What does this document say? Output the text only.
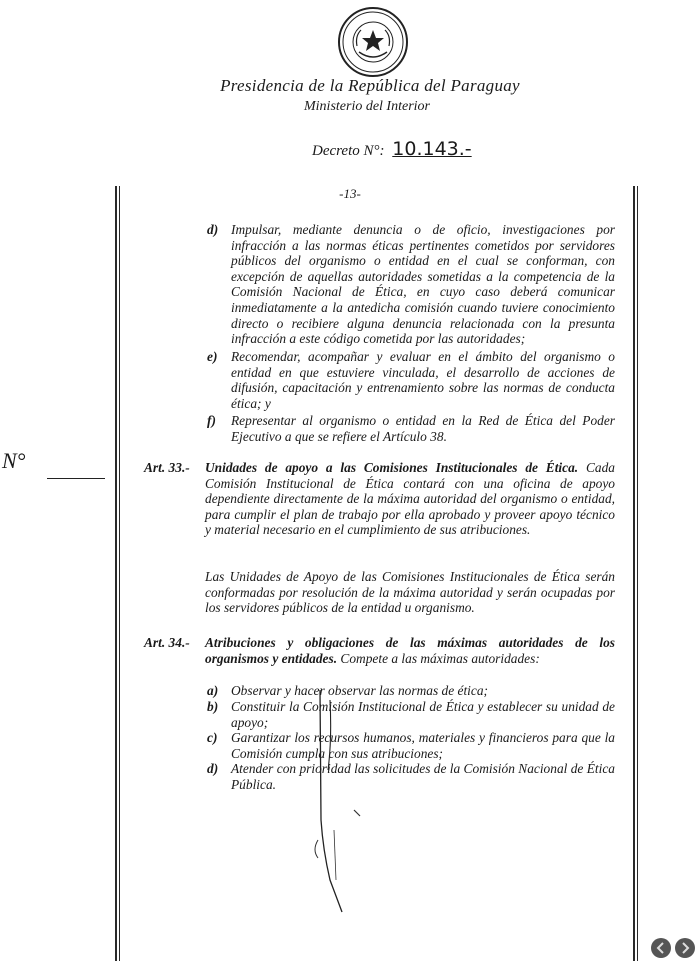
Presidencia de la República del Paraguay
Ministerio del Interior
Decreto N°: 10.143.-
-13-
N°
d) Impulsar, mediante denuncia o de oficio, investigaciones por infracción a las normas éticas pertinentes cometidos por servidores públicos del organismo o entidad en el cual se conforman, con excepción de aquellas autoridades sometidas a la competencia de la Comisión Nacional de Ética, en cuyo caso deberá comunicar inmediatamente a la antedicha comisión cuando tuviere conocimiento directo o recibiere alguna denuncia relacionada con la presunta infracción a este código cometida por las autoridades;
e) Recomendar, acompañar y evaluar en el ámbito del organismo o entidad en que estuviere vinculada, el desarrollo de acciones de difusión, capacitación y entrenamiento sobre las normas de conducta ética; y
f) Representar al organismo o entidad en la Red de Ética del Poder Ejecutivo a que se refiere el Artículo 38.
Art. 33.- Unidades de apoyo a las Comisiones Institucionales de Ética. Cada Comisión Institucional de Ética contará con una oficina de apoyo dependiente directamente de la máxima autoridad del organismo o entidad, para cumplir el plan de trabajo por ella aprobado y proveer apoyo técnico y material necesario en el cumplimiento de sus atribuciones.
Las Unidades de Apoyo de las Comisiones Institucionales de Ética serán conformadas por resolución de la máxima autoridad y serán ocupadas por los servidores públicos de la entidad u organismo.
Art. 34.- Atribuciones y obligaciones de las máximas autoridades de los organismos y entidades. Compete a las máximas autoridades:
a) Observar y hacer observar las normas de ética;
b) Constituir la Comisión Institucional de Ética y establecer su unidad de apoyo;
c) Garantizar los recursos humanos, materiales y financieros para que la Comisión cumpla con sus atribuciones;
d) Atender con prioridad las solicitudes de la Comisión Nacional de Ética Pública.
